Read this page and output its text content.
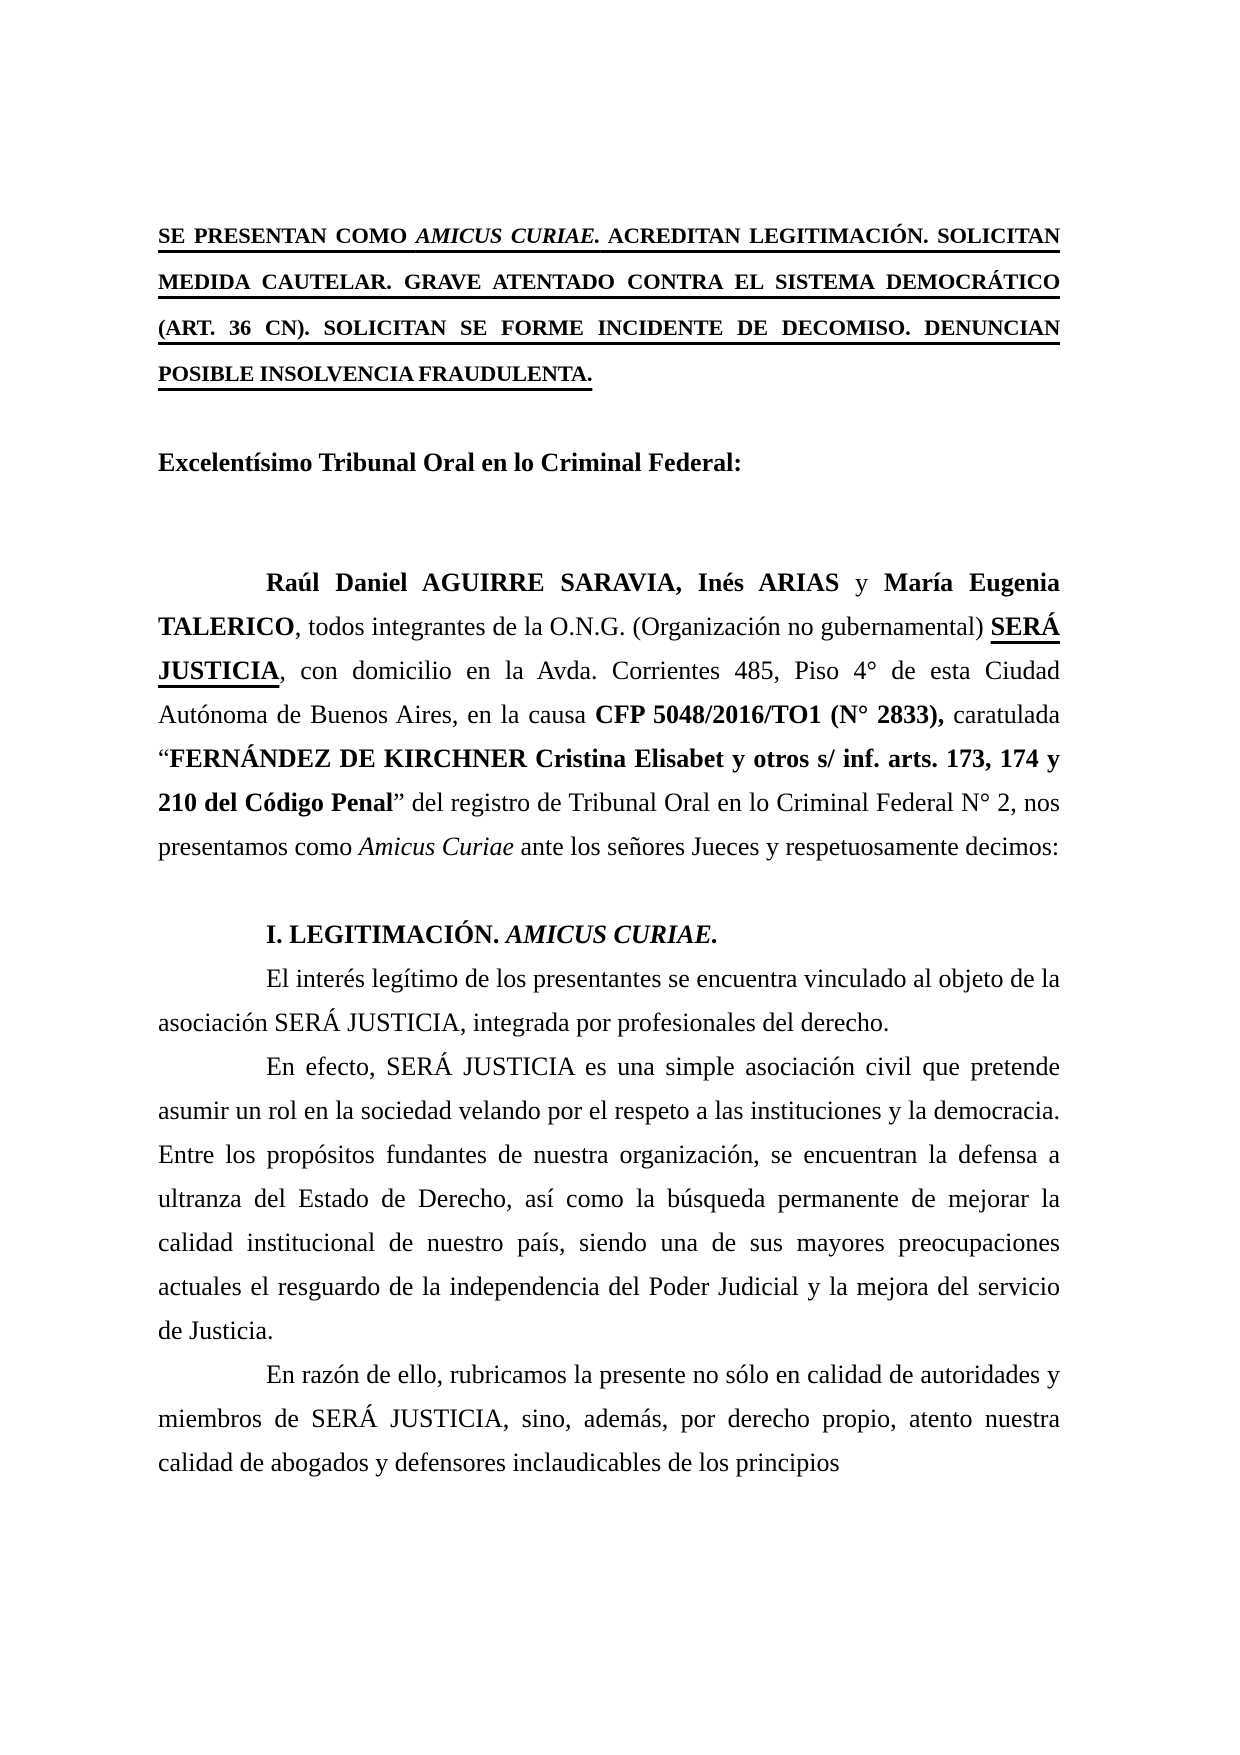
SE PRESENTAN COMO AMICUS CURIAE. ACREDITAN LEGITIMACIÓN. SOLICITAN MEDIDA CAUTELAR. GRAVE ATENTADO CONTRA EL SISTEMA DEMOCRÁTICO (ART. 36 CN). SOLICITAN SE FORME INCIDENTE DE DECOMISO. DENUNCIAN POSIBLE INSOLVENCIA FRAUDULENTA.

Excelentísimo Tribunal Oral en lo Criminal Federal:

Raúl Daniel AGUIRRE SARAVIA, Inés ARIAS y María Eugenia TALERICO, todos integrantes de la O.N.G. (Organización no gubernamental) SERÁ JUSTICIA, con domicilio en la Avda. Corrientes 485, Piso 4° de esta Ciudad Autónoma de Buenos Aires, en la causa CFP 5048/2016/TO1 (N° 2833), caratulada “FERNÁNDEZ DE KIRCHNER Cristina Elisabet y otros s/ inf. arts. 173, 174 y 210 del Código Penal” del registro de Tribunal Oral en lo Criminal Federal N° 2, nos presentamos como Amicus Curiae ante los señores Jueces y respetuosamente decimos:

I. LEGITIMACIÓN. AMICUS CURIAE.

El interés legítimo de los presentantes se encuentra vinculado al objeto de la asociación SERÁ JUSTICIA, integrada por profesionales del derecho.

En efecto, SERÁ JUSTICIA es una simple asociación civil que pretende asumir un rol en la sociedad velando por el respeto a las instituciones y la democracia. Entre los propósitos fundantes de nuestra organización, se encuentran la defensa a ultranza del Estado de Derecho, así como la búsqueda permanente de mejorar la calidad institucional de nuestro país, siendo una de sus mayores preocupaciones actuales el resguardo de la independencia del Poder Judicial y la mejora del servicio de Justicia.

En razón de ello, rubricamos la presente no sólo en calidad de autoridades y miembros de SERÁ JUSTICIA, sino, además, por derecho propio, atento nuestra calidad de abogados y defensores inclaudicables de los principios
